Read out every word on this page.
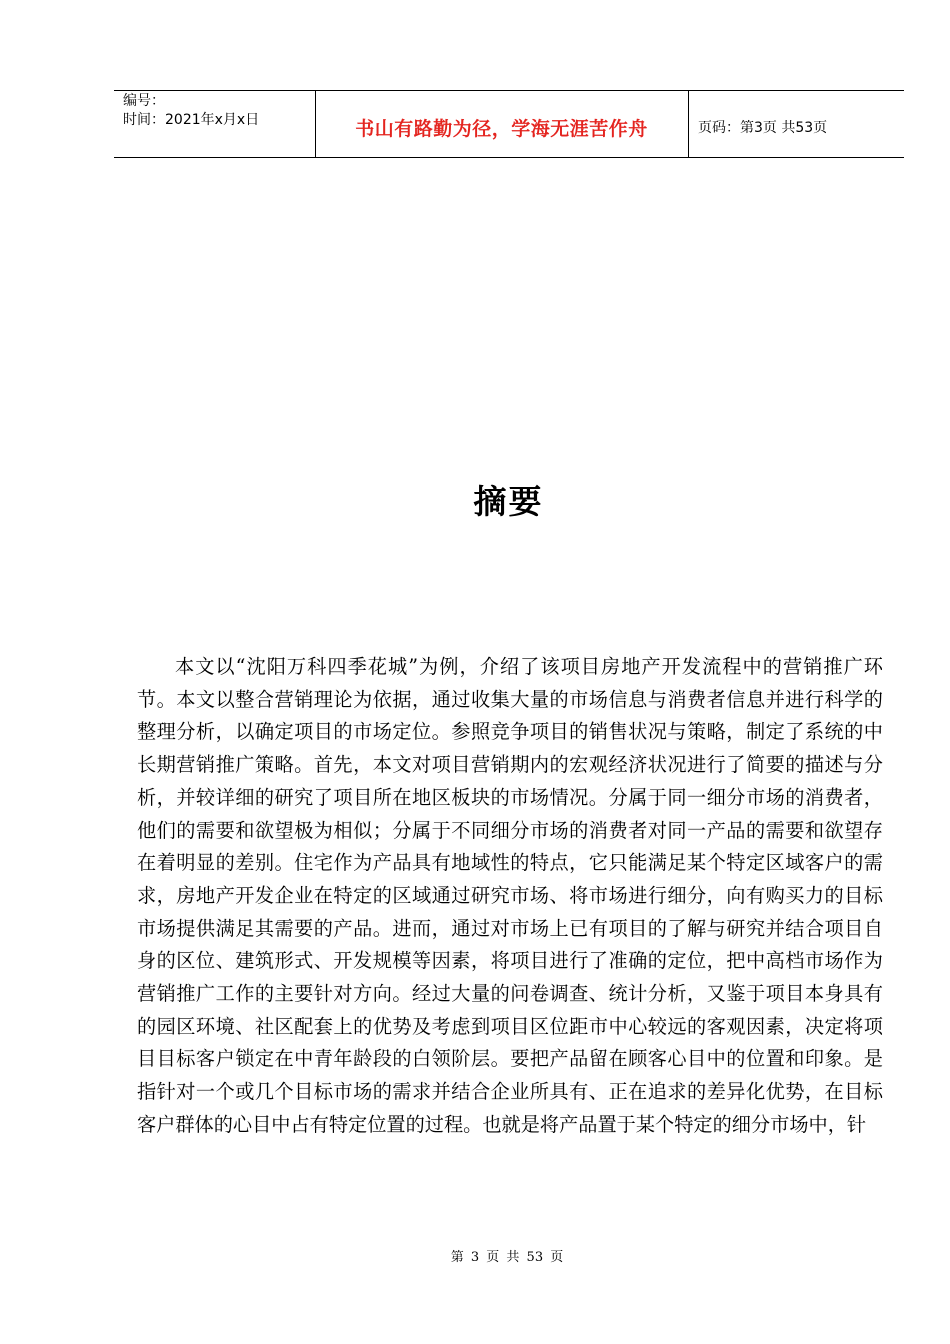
编号：
时间：2021年x月x日	书山有路勤为径，学海无涯苦作舟	页码：第3页 共53页
摘要

本文以“沈阳万科四季花城”为例，介绍了该项目房地产开发流程中的营销推广环节。本文以整合营销理论为依据，通过收集大量的市场信息与消费者信息并进行科学的整理分析，以确定项目的市场定位。参照竞争项目的销售状况与策略，制定了系统的中长期营销推广策略。首先，本文对项目营销期内的宏观经济状况进行了简要的描述与分析，并较详细的研究了项目所在地区板块的市场情况。分属于同一细分市场的消费者，他们的需要和欲望极为相似；分属于不同细分市场的消费者对同一产品的需要和欲望存在着明显的差别。住宅作为产品具有地域性的特点，它只能满足某个特定区域客户的需求，房地产开发企业在特定的区域通过研究市场、将市场进行细分，向有购买力的目标市场提供满足其需要的产品。进而，通过对市场上已有项目的了解与研究并结合项目自身的区位、建筑形式、开发规模等因素，将项目进行了准确的定位，把中高档市场作为营销推广工作的主要针对方向。经过大量的问卷调查、统计分析，又鉴于项目本身具有的园区环境、社区配套上的优势及考虑到项目区位距市中心较远的客观因素，决定将项目目标客户锁定在中青年龄段的白领阶层。要把产品留在顾客心目中的位置和印象。是指针对一个或几个目标市场的需求并结合企业所具有、正在追求的差异化优势，在目标客户群体的心目中占有特定位置的过程。也就是将产品置于某个特定的细分市场中，针

第 3 页 共 53 页
